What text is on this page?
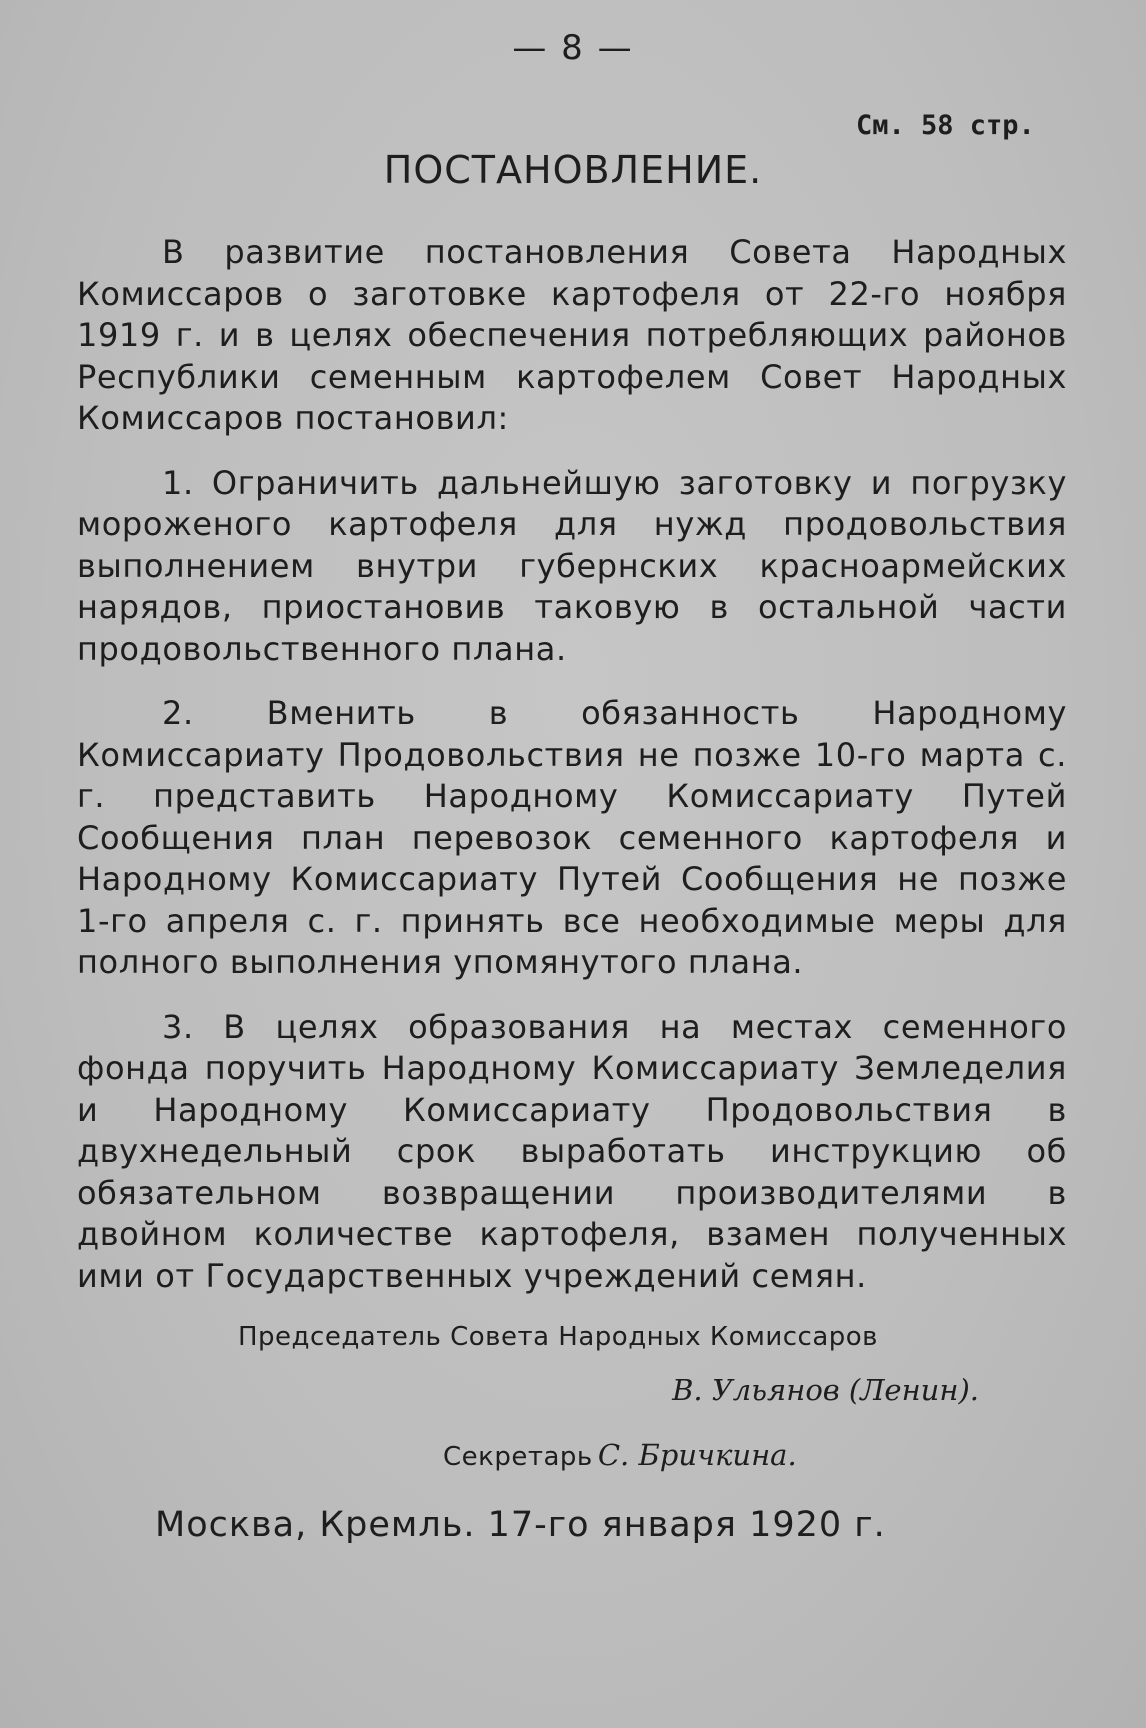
— 8 —
См. 58 стр.
ПОСТАНОВЛЕНИЕ.

В развитие постановления Совета Народных Комиссаров о заготовке картофеля от 22-го ноября 1919 г. и в целях обеспечения потребляющих районов Республики семенным картофелем Совет Народных Комиссаров постановил:

1. Ограничить дальнейшую заготовку и погрузку мороженого картофеля для нужд продовольствия выполнением внутри губернских красноармейских нарядов, приостановив таковую в остальной части продовольственного плана.

2. Вменить в обязанность Народному Комиссариату Продовольствия не позже 10-го марта с. г. представить Народному Комиссариату Путей Сообщения план перевозок семенного картофеля и Народному Комиссариату Путей Сообщения не позже 1-го апреля с. г. принять все необходимые меры для полного выполнения упомянутого плана.

3. В целях образования на местах семенного фонда поручить Народному Комиссариату Земледелия и Народному Комиссариату Продовольствия в двухнедельный срок выработать инструкцию об обязательном возвращении производителями в двойном количестве картофеля, взамен полученных ими от Государственных учреждений семян.

Председатель Совета Народных Комиссаров
В. Ульянов (Ленин).
Секретарь С. Бричкина.
Москва, Кремль. 17-го января 1920 г.
